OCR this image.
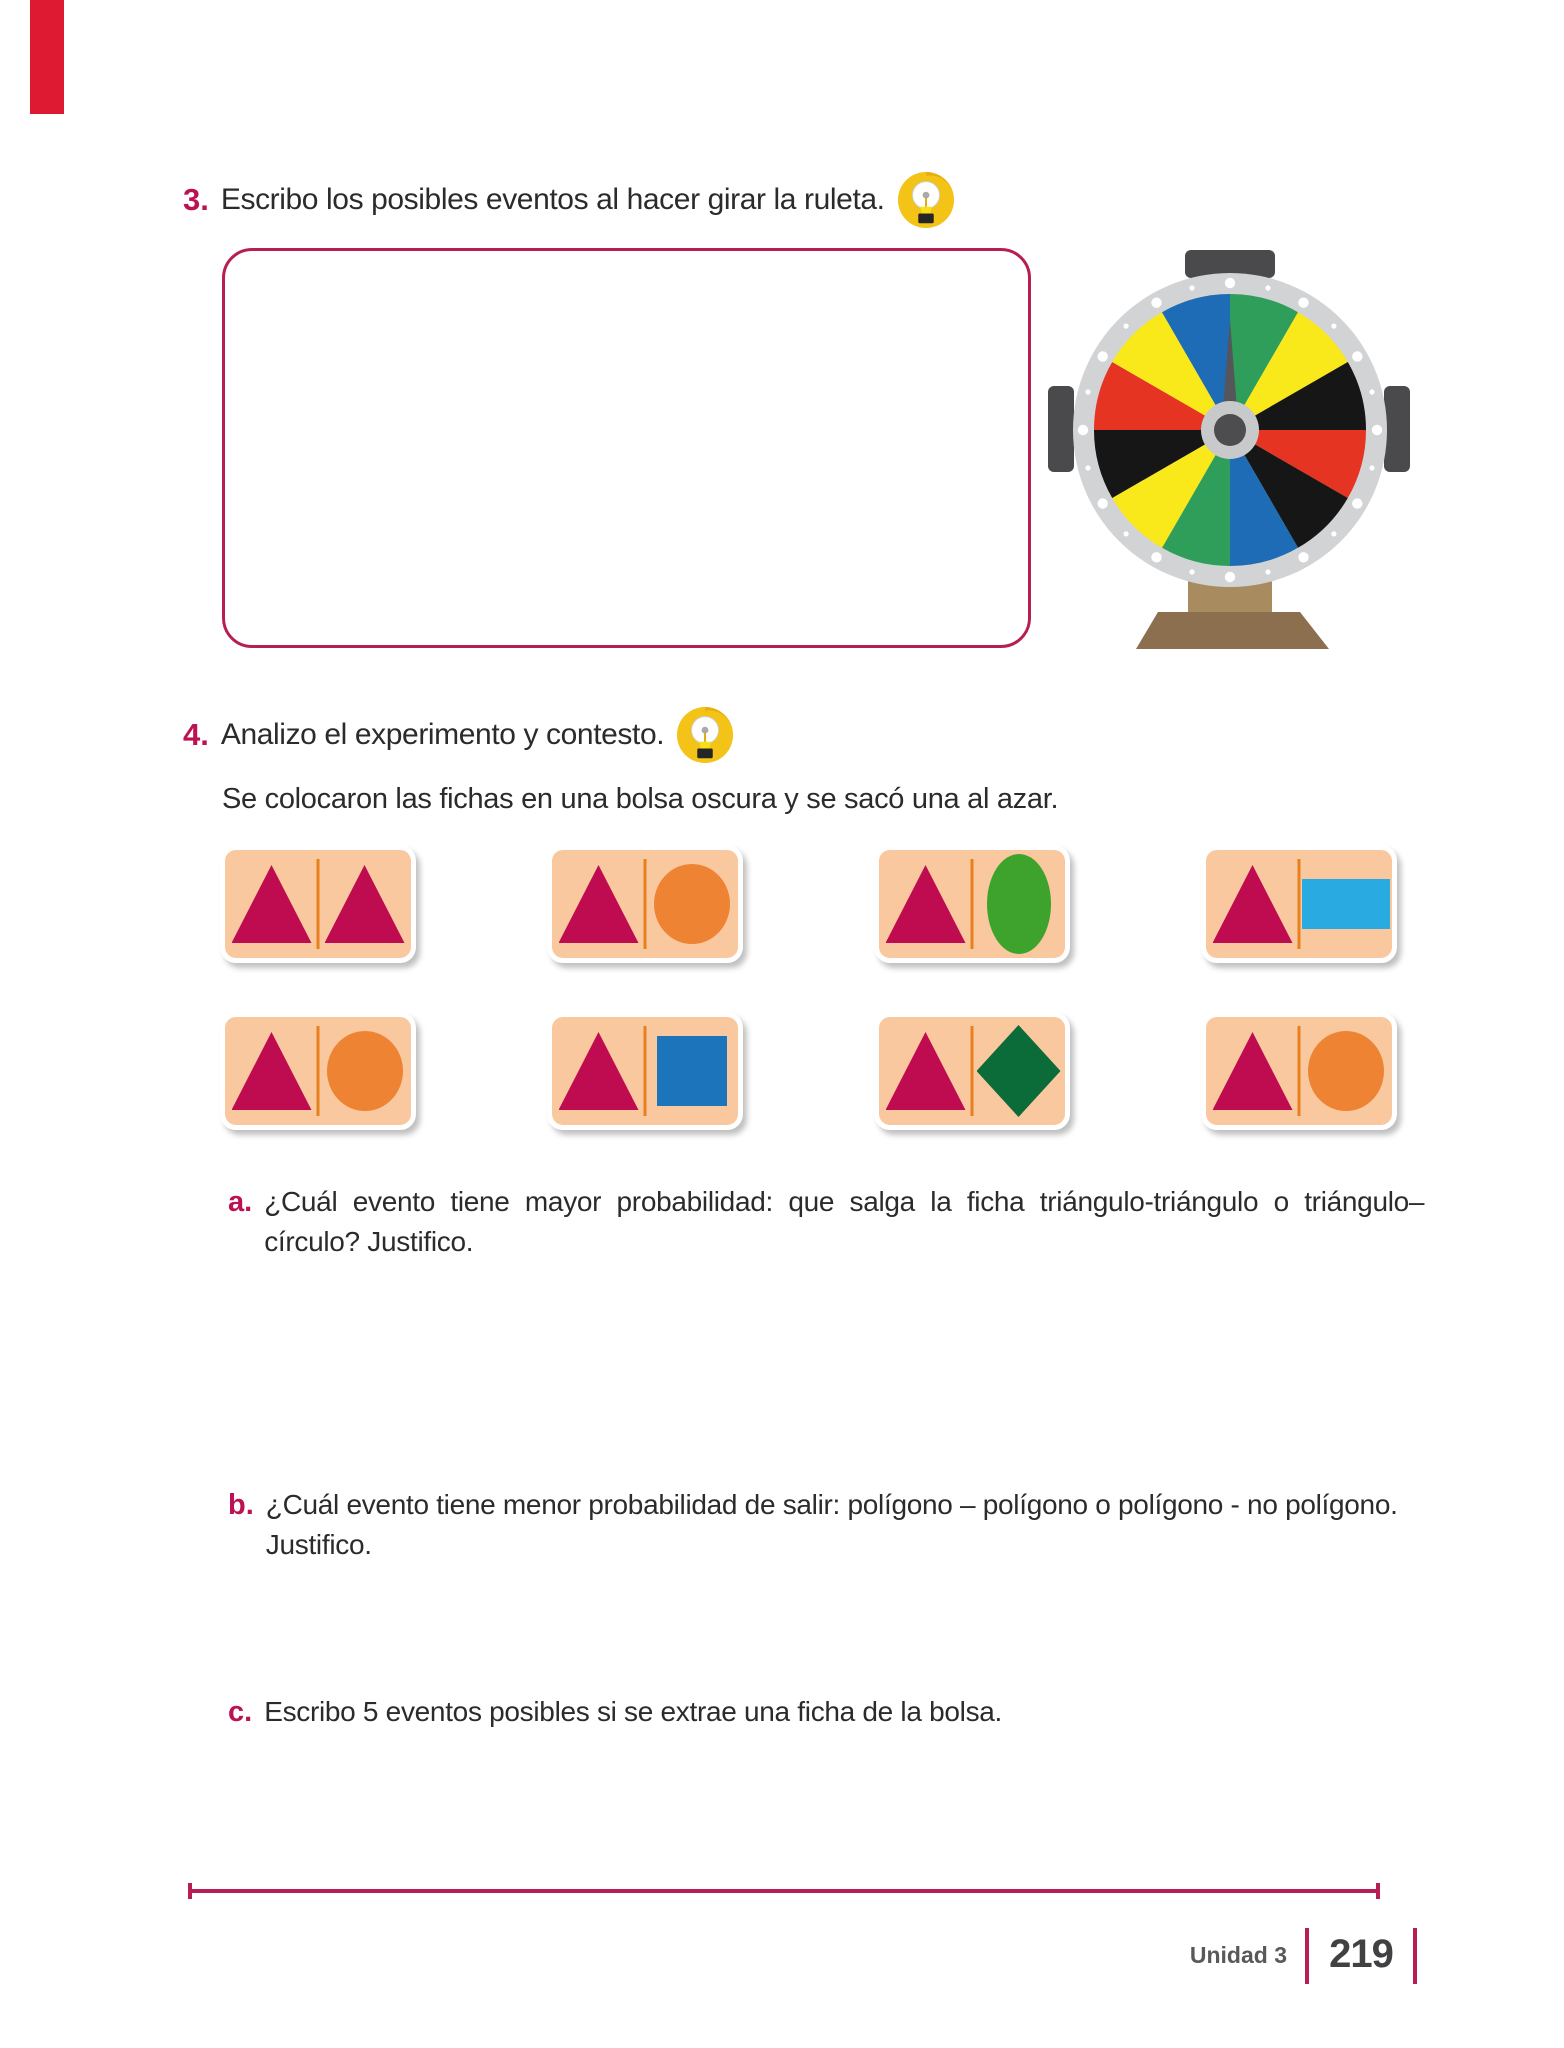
3. Escribo los posibles eventos al hacer girar la ruleta.
4. Analizo el experimento y contesto.
Se colocaron las fichas en una bolsa oscura y se sacó una al azar.
a. ¿Cuál evento tiene mayor probabilidad: que salga la ficha triángulo-triángulo o triángulo–círculo? Justifico.
b. ¿Cuál evento tiene menor probabilidad de salir: polígono – polígono o polígono - no polígono. Justifico.
c. Escribo 5 eventos posibles si se extrae una ficha de la bolsa.
Unidad 3	219
